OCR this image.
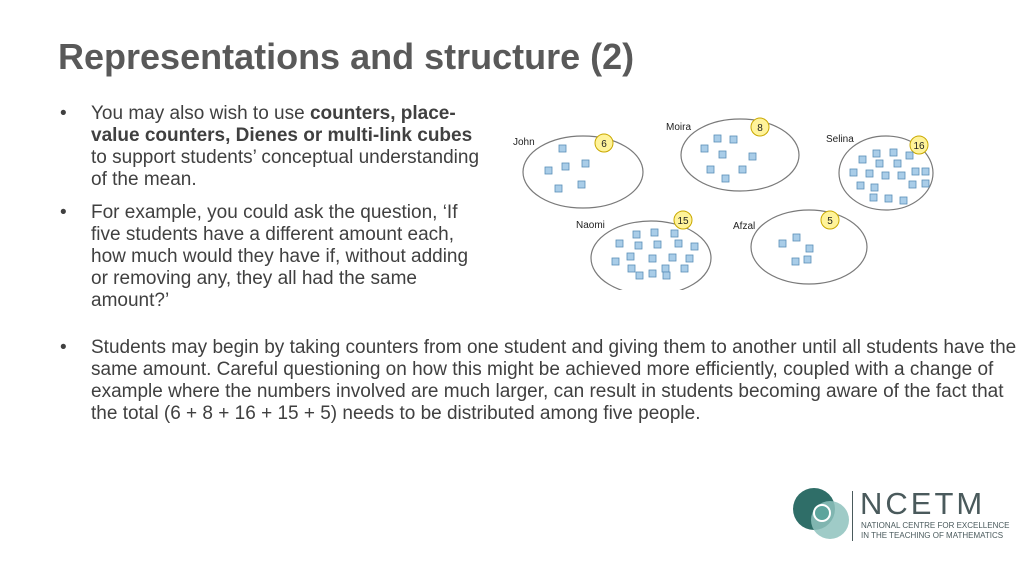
Representations and structure (2)
• You may also wish to use counters, place-value counters, Dienes or multi-link cubes to support students’ conceptual understanding of the mean.
• For example, you could ask the question, ‘If five students have a different amount each, how much would they have if, without adding or removing any, they all had the same amount?’
• Students may begin by taking counters from one student and giving them to another until all students have the same amount. Careful questioning on how this might be achieved more efficiently, coupled with a change of example where the numbers involved are much larger, can result in students becoming aware of the fact that the total (6 + 8 + 16 + 15 + 5) needs to be distributed among five people.
John	6
Moira	8
Selina
16
Naomi	15	Afzal	5
NCETM
NATIONAL CENTRE FOR EXCELLENCE
IN THE TEACHING OF MATHEMATICS
